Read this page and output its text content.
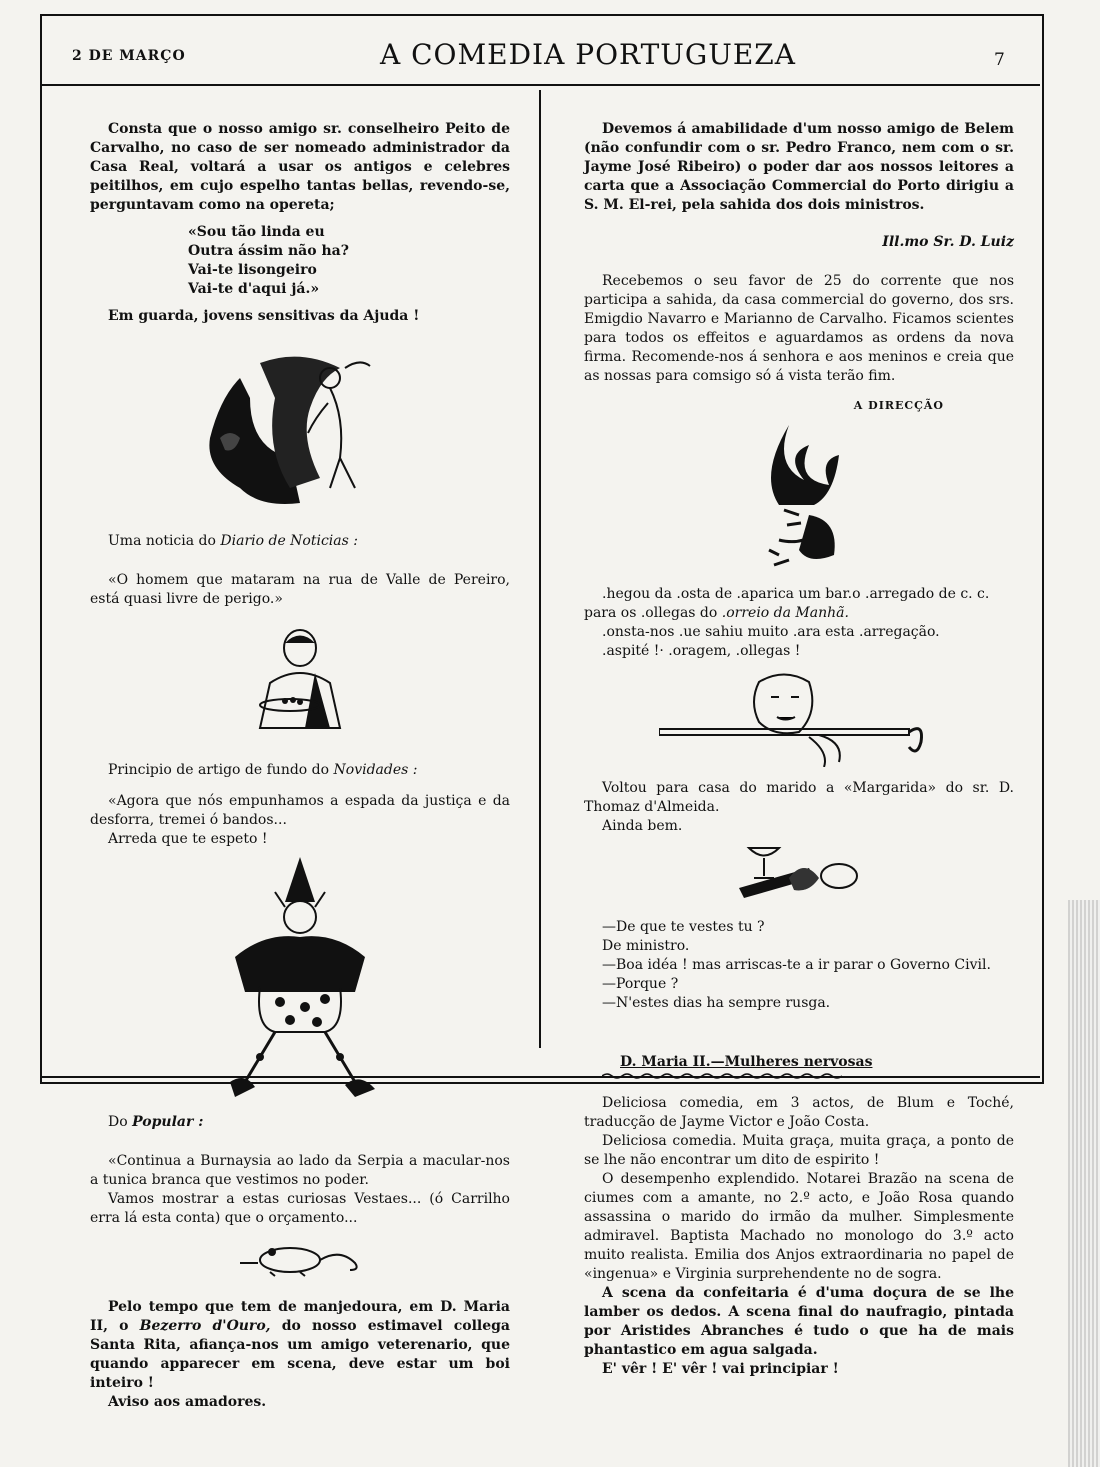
2 DE MARÇO	A COMEDIA PORTUGUEZA	7

Consta que o nosso amigo sr. conselheiro Peito de Carvalho, no caso de ser nomeado administrador da Casa Real, voltará a usar os antigos e celebres peitilhos, em cujo espelho tantas bellas, revendo-se, perguntavam como na opereta;

«Sou tão linda eu

Outra ássim não ha?

Vai-te lisongeiro

Vai-te d'aqui já.»

Em guarda, jovens sensitivas da Ajuda !

Uma noticia do Diario de Noticias :

«O homem que mataram na rua de Valle de Pereiro, está quasi livre de perigo.»

Principio de artigo de fundo do Novidades :

«Agora que nós empunhamos a espada da justiça e da desforra, tremei ó bandos...

Arreda que te espeto !

Do Popular :

«Continua a Burnaysia ao lado da Serpia a macular-nos a tunica branca que vestimos no poder.

Vamos mostrar a estas curiosas Vestaes... (ó Carrilho erra lá esta conta) que o orçamento...

Pelo tempo que tem de manjedoura, em D. Maria II, o Bezerro d'Ouro, do nosso estimavel collega Santa Rita, afiança-nos um amigo veterenario, que quando apparecer em scena, deve estar um boi inteiro !

Aviso aos amadores.

Devemos á amabilidade d'um nosso amigo de Belem (não confundir com o sr. Pedro Franco, nem com o sr. Jayme José Ribeiro) o poder dar aos nossos leitores a carta que a Associação Commercial do Porto dirigiu a S. M. El-rei, pela sahida dos dois ministros.

Ill.mo Sr. D. Luiz

Recebemos o seu favor de 25 do corrente que nos participa a sahida, da casa commercial do governo, dos srs. Emigdio Navarro e Marianno de Carvalho. Ficamos scientes para todos os effeitos e aguardamos as ordens da nova firma. Recomende-nos á senhora e aos meninos e creia que as nossas para comsigo só á vista terão fim.

A DIRECÇÃO

.hegou da .osta de .aparica um bar.o .arregado de c. c.

para os .ollegas do .orreio da Manhã.

.onsta-nos .ue sahiu muito .ara esta .arregação.

.aspité !· .oragem, .ollegas !

Voltou para casa do marido a «Margarida» do sr. D. Thomaz d'Almeida.

Ainda bem.

—De que te vestes tu ?

De ministro.

—Boa idéa ! mas arriscas-te a ir parar o Governo Civil.

—Porque ?

—N'estes dias ha sempre rusga.

D. Maria II.—Mulheres nervosas

Deliciosa comedia, em 3 actos, de Blum e Toché, traducção de Jayme Victor e João Costa.

Deliciosa comedia. Muita graça, muita graça, a ponto de se lhe não encontrar um dito de espirito !

O desempenho explendido. Notarei Brazão na scena de ciumes com a amante, no 2.º acto, e João Rosa quando assassina o marido do irmão da mulher. Simplesmente admiravel. Baptista Machado no monologo do 3.º acto muito realista. Emilia dos Anjos extraordinaria no papel de «ingenua» e Virginia surprehendente no de sogra.

A scena da confeitaria é d'uma doçura de se lhe lamber os dedos. A scena final do naufragio, pintada por Aristides Abranches é tudo o que ha de mais phantastico em agua salgada.

E' vêr ! E' vêr ! vai principiar !
